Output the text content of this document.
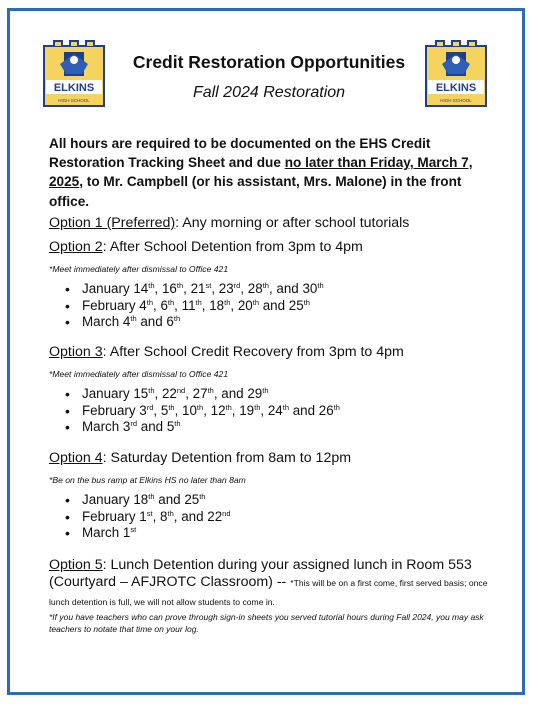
ELKINS
HIGH SCHOOL
ELKINS
HIGH SCHOOL
Credit Restoration Opportunities
Fall 2024 Restoration
All hours are required to be documented on the EHS Credit Restoration Tracking Sheet and due no later than Friday, March 7, 2025, to Mr. Campbell (or his assistant, Mrs. Malone) in the front office.
Option 1 (Preferred): Any morning or after school tutorials
Option 2: After School Detention from 3pm to 4pm
*Meet immediately after dismissal to Office 421
• January 14th, 16th, 21st, 23rd, 28th, and 30th
• February 4th, 6th, 11th, 18th, 20th and 25th
• March 4th and 6th
Option 3: After School Credit Recovery from 3pm to 4pm
*Meet immediately after dismissal to Office 421
• January 15th, 22nd, 27th, and 29th
• February 3rd, 5th, 10th, 12th, 19th, 24th and 26th
• March 3rd and 5th
Option 4: Saturday Detention from 8am to 12pm
*Be on the bus ramp at Elkins HS no later than 8am
• January 18th and 25th
• February 1st, 8th, and 22nd
• March 1st
Option 5: Lunch Detention during your assigned lunch in Room 553 (Courtyard – AFJROTC Classroom) -- *This will be on a first come, first served basis; once lunch detention is full, we will not allow students to come in.
*If you have teachers who can prove through sign-in sheets you served tutorial hours during Fall 2024, you may ask teachers to notate that time on your log.
